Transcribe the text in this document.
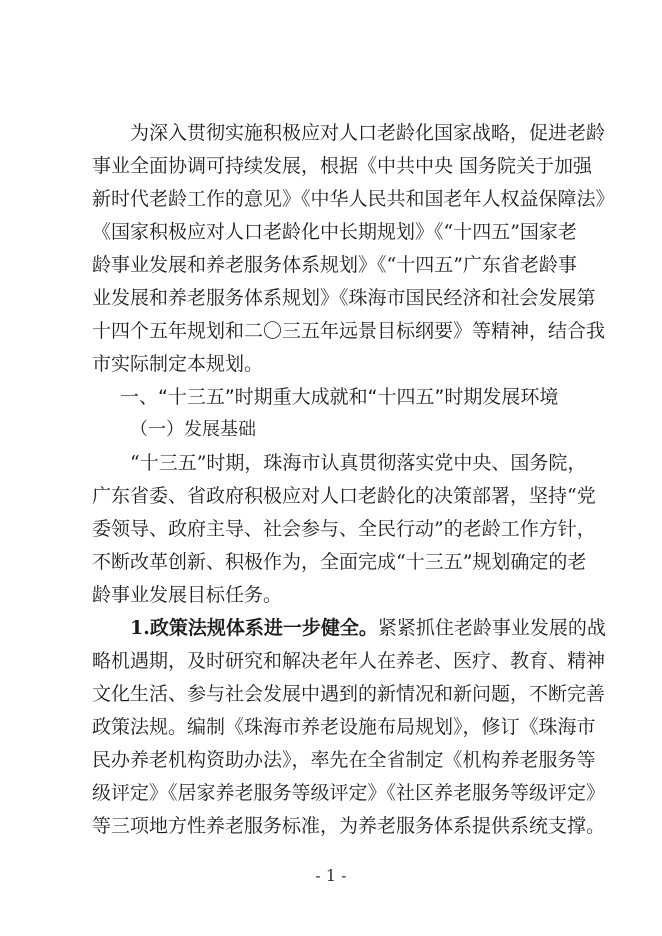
为深入贯彻实施积极应对人口老龄化国家战略，促进老龄
事业全面协调可持续发展，根据《中共中央 国务院关于加强
新时代老龄工作的意见》《中华人民共和国老年人权益保障法》
《国家积极应对人口老龄化中长期规划》《“十四五”国家老
龄事业发展和养老服务体系规划》《“十四五”广东省老龄事
业发展和养老服务体系规划》《珠海市国民经济和社会发展第
十四个五年规划和二〇三五年远景目标纲要》等精神，结合我
市实际制定本规划。
一、“十三五”时期重大成就和“十四五”时期发展环境
（一）发展基础
“十三五”时期，珠海市认真贯彻落实党中央、国务院，
广东省委、省政府积极应对人口老龄化的决策部署，坚持“党
委领导、政府主导、社会参与、全民行动”的老龄工作方针，
不断改革创新、积极作为，全面完成“十三五”规划确定的老
龄事业发展目标任务。
1.政策法规体系进一步健全。紧紧抓住老龄事业发展的战
略机遇期，及时研究和解决老年人在养老、医疗、教育、精神
文化生活、参与社会发展中遇到的新情况和新问题，不断完善
政策法规。编制《珠海市养老设施布局规划》，修订《珠海市
民办养老机构资助办法》，率先在全省制定《机构养老服务等
级评定》《居家养老服务等级评定》《社区养老服务等级评定》
等三项地方性养老服务标准，为养老服务体系提供系统支撑。
- 1 -
